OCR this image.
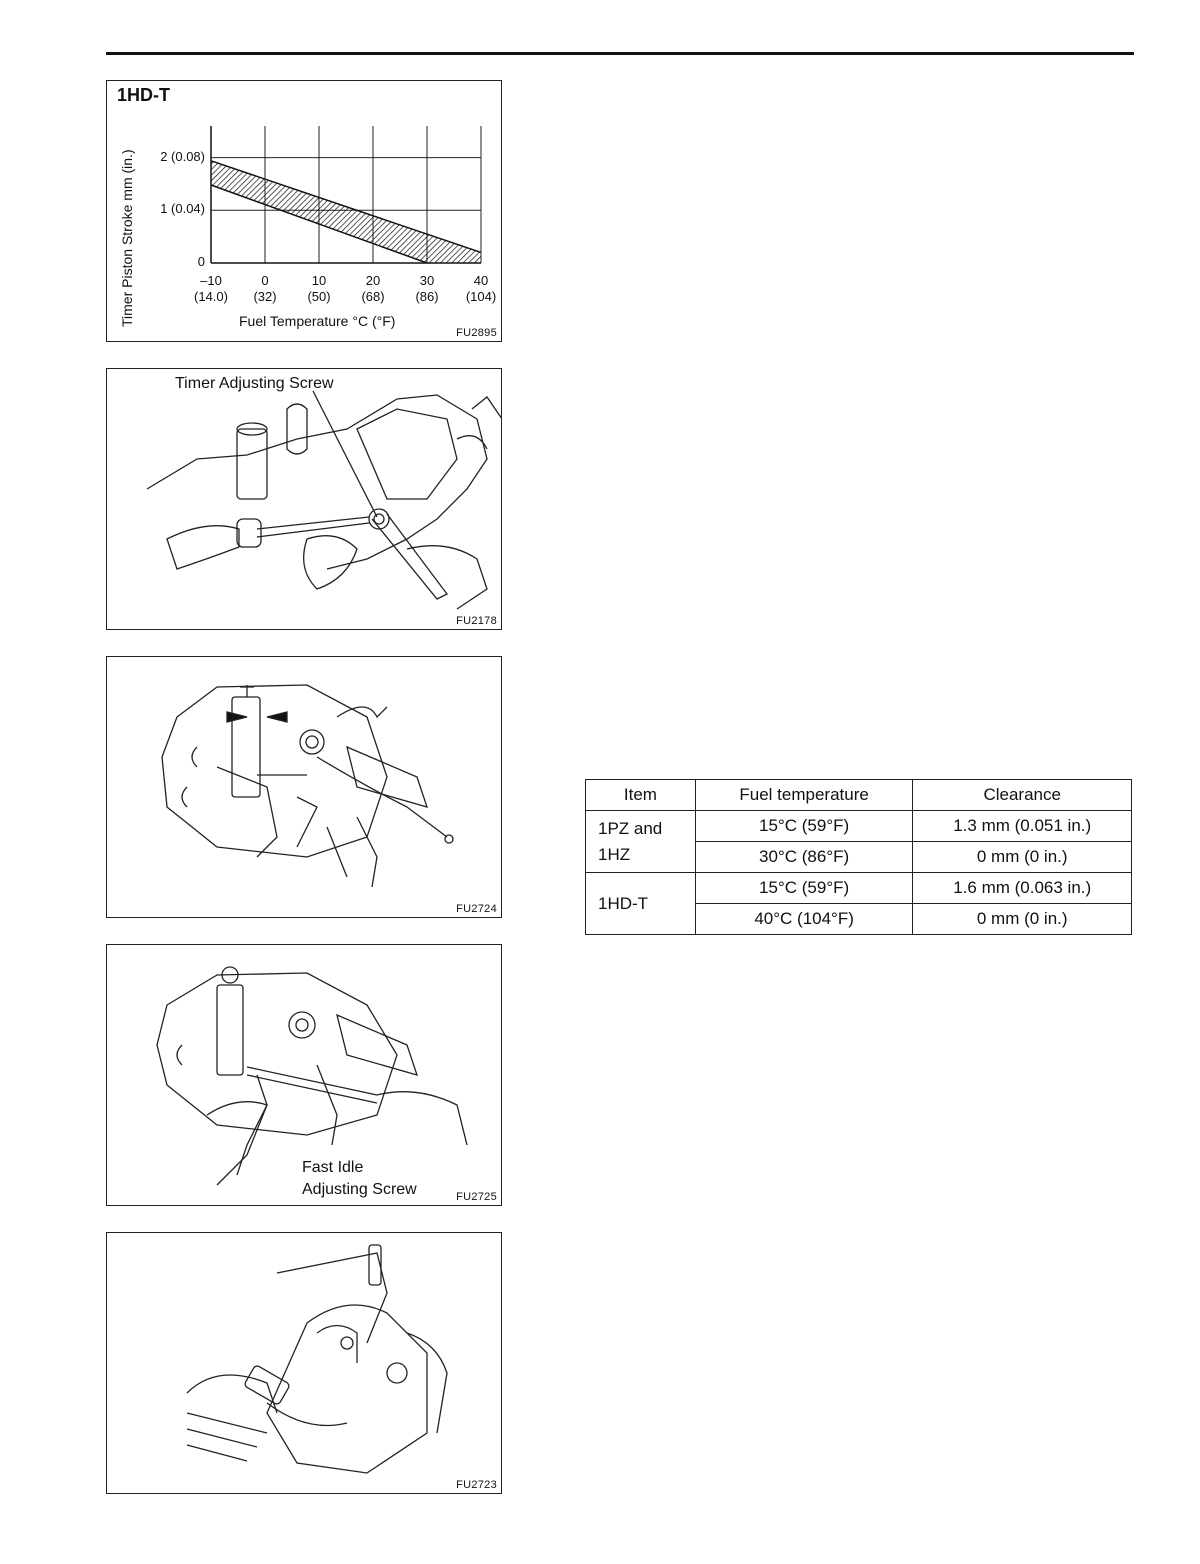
1HD-T
Timer Piston Stroke mm (in.)	0
1 (0.04)
2 (0.08)
–10
(14.0)
0
(32)
10
(50)
20
(68)
30
(86)
40
(104)
Fuel Temperature °C (°F)
FU2895
Timer Adjusting Screw
FU2178
FU2724
Fast Idle
Adjusting Screw	FU2725
FU2723
Item	Fuel temperature	Clearance
1PZ and
1HZ	15°C (59°F)	1.3 mm (0.051 in.)
	30°C (86°F)	0 mm (0 in.)
1HD-T	15°C (59°F)	1.6 mm (0.063 in.)
	40°C (104°F)	0 mm (0 in.)
